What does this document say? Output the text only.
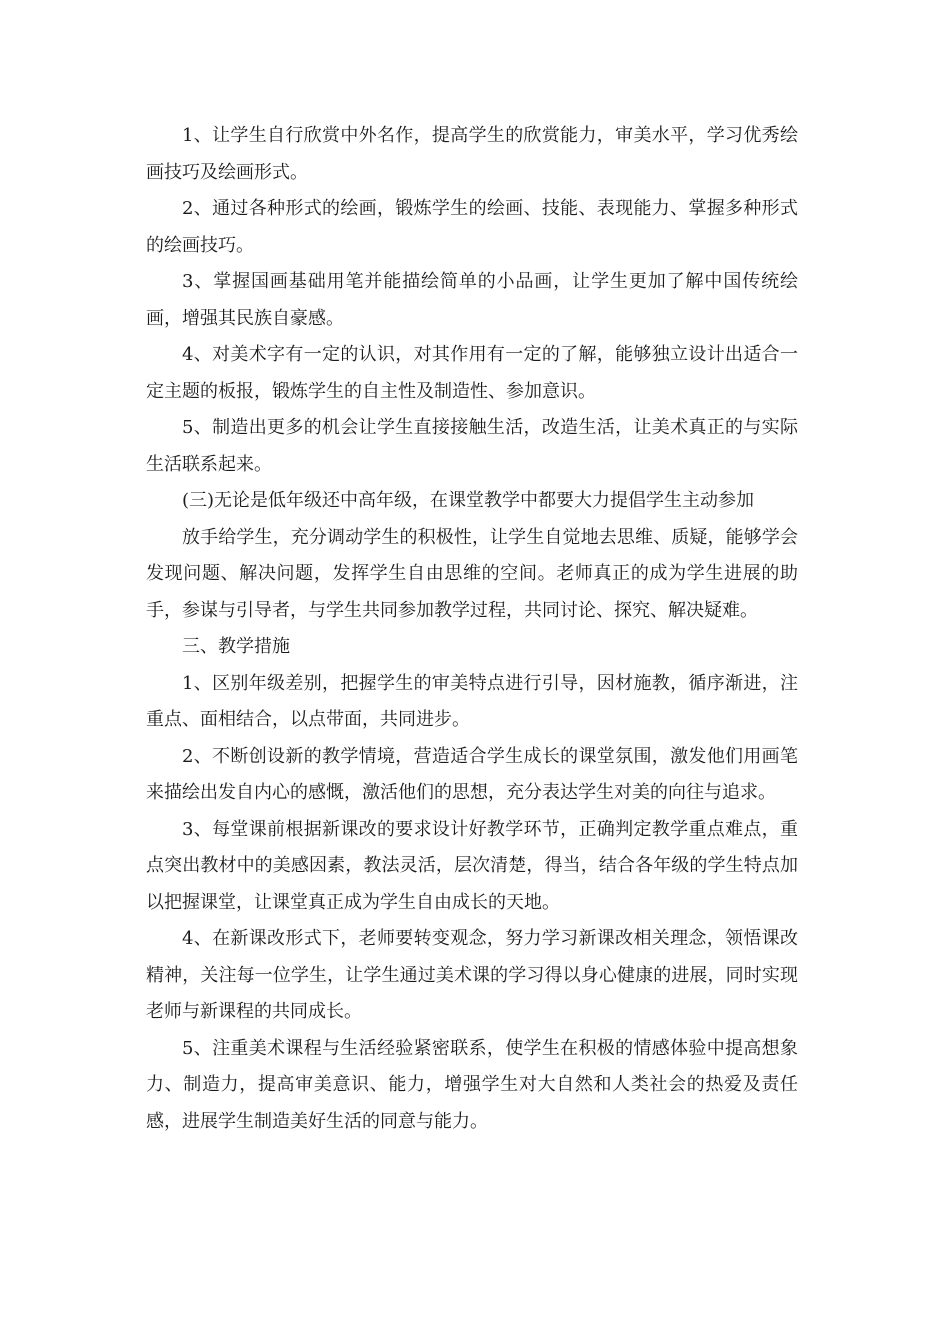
1、让学生自行欣赏中外名作，提高学生的欣赏能力，审美水平，学习优秀绘画技巧及绘画形式。

2、通过各种形式的绘画，锻炼学生的绘画、技能、表现能力、掌握多种形式的绘画技巧。

3、掌握国画基础用笔并能描绘简单的小品画，让学生更加了解中国传统绘画，增强其民族自豪感。

4、对美术字有一定的认识，对其作用有一定的了解，能够独立设计出适合一定主题的板报，锻炼学生的自主性及制造性、参加意识。

5、制造出更多的机会让学生直接接触生活，改造生活，让美术真正的与实际生活联系起来。

(三)无论是低年级还中高年级，在课堂教学中都要大力提倡学生主动参加

放手给学生，充分调动学生的积极性，让学生自觉地去思维、质疑，能够学会发现问题、解决问题，发挥学生自由思维的空间。老师真正的成为学生进展的助手，参谋与引导者，与学生共同参加教学过程，共同讨论、探究、解决疑难。

三、教学措施

1、区别年级差别，把握学生的审美特点进行引导，因材施教，循序渐进，注重点、面相结合，以点带面，共同进步。

2、不断创设新的教学情境，营造适合学生成长的课堂氛围，激发他们用画笔来描绘出发自内心的感慨，激活他们的思想，充分表达学生对美的向往与追求。

3、每堂课前根据新课改的要求设计好教学环节，正确判定教学重点难点，重点突出教材中的美感因素，教法灵活，层次清楚，得当，结合各年级的学生特点加以把握课堂，让课堂真正成为学生自由成长的天地。

4、在新课改形式下，老师要转变观念，努力学习新课改相关理念，领悟课改精神，关注每一位学生，让学生通过美术课的学习得以身心健康的进展，同时实现老师与新课程的共同成长。

5、注重美术课程与生活经验紧密联系，使学生在积极的情感体验中提高想象力、制造力，提高审美意识、能力，增强学生对大自然和人类社会的热爱及责任感，进展学生制造美好生活的同意与能力。
